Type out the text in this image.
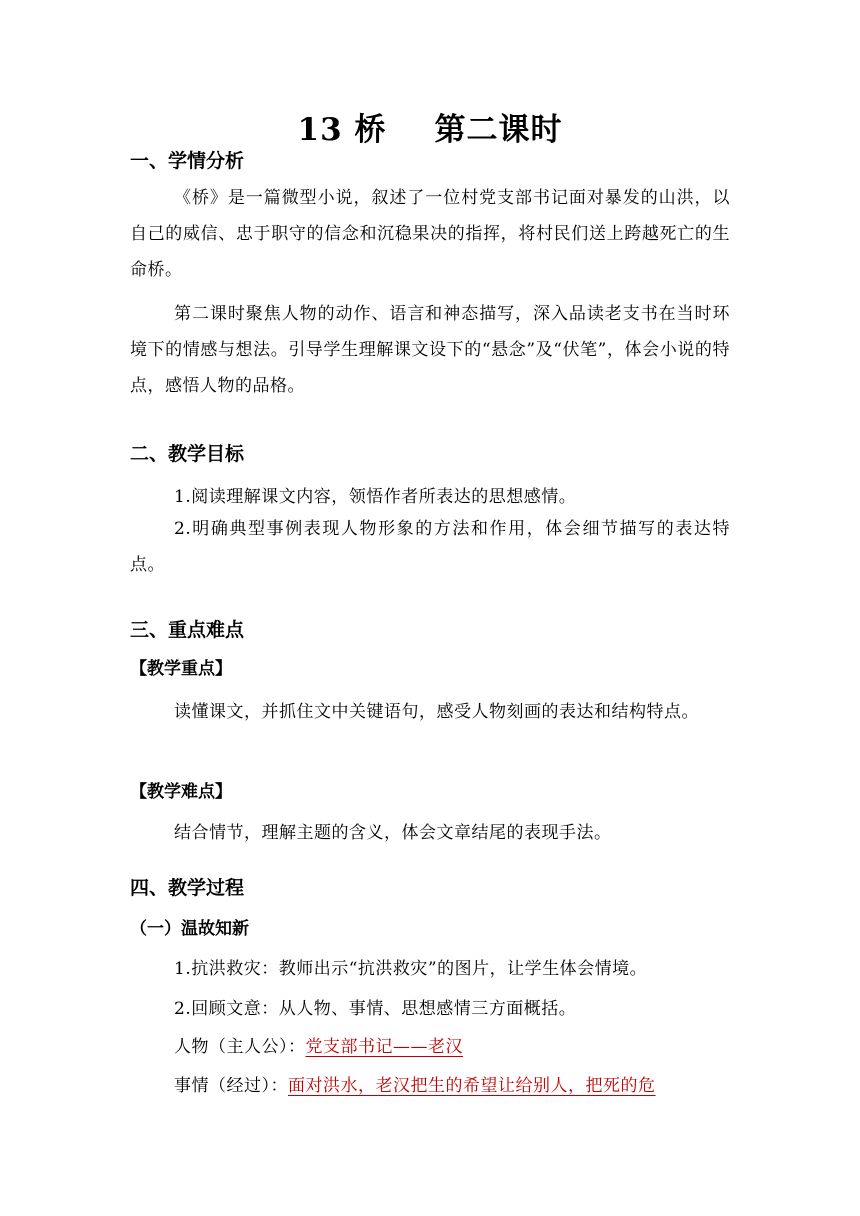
13 桥 第二课时
一、学情分析
《桥》是一篇微型小说，叙述了一位村党支部书记面对暴发的山洪，以自己的威信、忠于职守的信念和沉稳果决的指挥，将村民们送上跨越死亡的生命桥。
第二课时聚焦人物的动作、语言和神态描写，深入品读老支书在当时环境下的情感与想法。引导学生理解课文设下的“悬念”及“伏笔”，体会小说的特点，感悟人物的品格。
二、教学目标
1.阅读理解课文内容，领悟作者所表达的思想感情。
2.明确典型事例表现人物形象的方法和作用，体会细节描写的表达特点。
三、重点难点
【教学重点】
读懂课文，并抓住文中关键语句，感受人物刻画的表达和结构特点。
【教学难点】
结合情节，理解主题的含义，体会文章结尾的表现手法。
四、教学过程
（一）温故知新
1.抗洪救灾：教师出示“抗洪救灾”的图片，让学生体会情境。
2.回顾文意：从人物、事情、思想感情三方面概括。
人物（主人公）：党支部书记——老汉
事情（经过）：面对洪水，老汉把生的希望让给别人，把死的危
